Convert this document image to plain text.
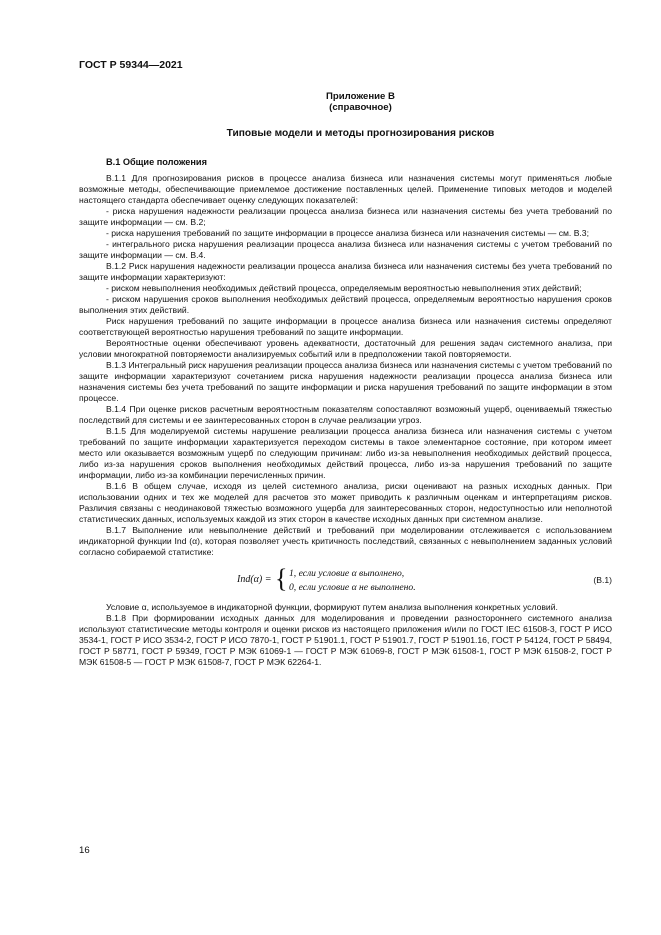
ГОСТ Р 59344—2021
Приложение В
(справочное)
Типовые модели и методы прогнозирования рисков
В.1 Общие положения

В.1.1 Для прогнозирования рисков в процессе анализа бизнеса или назначения системы могут применяться любые возможные методы, обеспечивающие приемлемое достижение поставленных целей. Применение типовых методов и моделей настоящего стандарта обеспечивает оценку следующих показателей:

- риска нарушения надежности реализации процесса анализа бизнеса или назначения системы без учета требований по защите информации — см. В.2;

- риска нарушения требований по защите информации в процессе анализа бизнеса или назначения системы — см. В.3;

- интегрального риска нарушения реализации процесса анализа бизнеса или назначения системы с учетом требований по защите информации — см. В.4.

В.1.2 Риск нарушения надежности реализации процесса анализа бизнеса или назначения системы без учета требований по защите информации характеризуют:

- риском невыполнения необходимых действий процесса, определяемым вероятностью невыполнения этих действий;

- риском нарушения сроков выполнения необходимых действий процесса, определяемым вероятностью нарушения сроков выполнения этих действий.

Риск нарушения требований по защите информации в процессе анализа бизнеса или назначения системы определяют соответствующей вероятностью нарушения требований по защите информации.

Вероятностные оценки обеспечивают уровень адекватности, достаточный для решения задач системного анализа, при условии многократной повторяемости анализируемых событий или в предположении такой повторяемости.

В.1.3 Интегральный риск нарушения реализации процесса анализа бизнеса или назначения системы с учетом требований по защите информации характеризуют сочетанием риска нарушения надежности реализации процесса анализа бизнеса или назначения системы без учета требований по защите информации и риска нарушения требований по защите информации в этом процессе.

В.1.4 При оценке рисков расчетным вероятностным показателям сопоставляют возможный ущерб, оцениваемый тяжестью последствий для системы и ее заинтересованных сторон в случае реализации угроз.

В.1.5 Для моделируемой системы нарушение реализации процесса анализа бизнеса или назначения системы с учетом требований по защите информации характеризуется переходом системы в такое элементарное состояние, при котором имеет место или оказывается возможным ущерб по следующим причинам: либо из-за невыполнения необходимых действий процесса, либо из-за нарушения сроков выполнения необходимых действий процесса, либо из-за нарушения требований по защите информации, либо из-за комбинации перечисленных причин.

В.1.6 В общем случае, исходя из целей системного анализа, риски оценивают на разных исходных данных. При использовании одних и тех же моделей для расчетов это может приводить к различным оценкам и интерпретациям рисков. Различия связаны с неодинаковой тяжестью возможного ущерба для заинтересованных сторон, недоступностью или неполнотой статистических данных, используемых каждой из этих сторон в качестве исходных данных при системном анализе.

В.1.7 Выполнение или невыполнение действий и требований при моделировании отслеживается с использованием индикаторной функции Ind (α), которая позволяет учесть критичность последствий, связанных с невыполнением заданных условий согласно собираемой статистике:

Ind(α) = { 1, если условие α выполнено,
0, если условие α не выполнено.
(В.1)

Условие α, используемое в индикаторной функции, формируют путем анализа выполнения конкретных условий.

В.1.8 При формировании исходных данных для моделирования и проведении разностороннего системного анализа используют статистические методы контроля и оценки рисков из настоящего приложения и/или по ГОСТ IEC 61508-3, ГОСТ Р ИСО 3534-1, ГОСТ Р ИСО 3534-2, ГОСТ Р ИСО 7870-1, ГОСТ Р 51901.1, ГОСТ Р 51901.7, ГОСТ Р 51901.16, ГОСТ Р 54124, ГОСТ Р 58494, ГОСТ Р 58771, ГОСТ Р 59349, ГОСТ Р МЭК 61069-1 — ГОСТ Р МЭК 61069-8, ГОСТ Р МЭК 61508-1, ГОСТ Р МЭК 61508-2, ГОСТ Р МЭК 61508-5 — ГОСТ Р МЭК 61508-7, ГОСТ Р МЭК 62264-1.

16
